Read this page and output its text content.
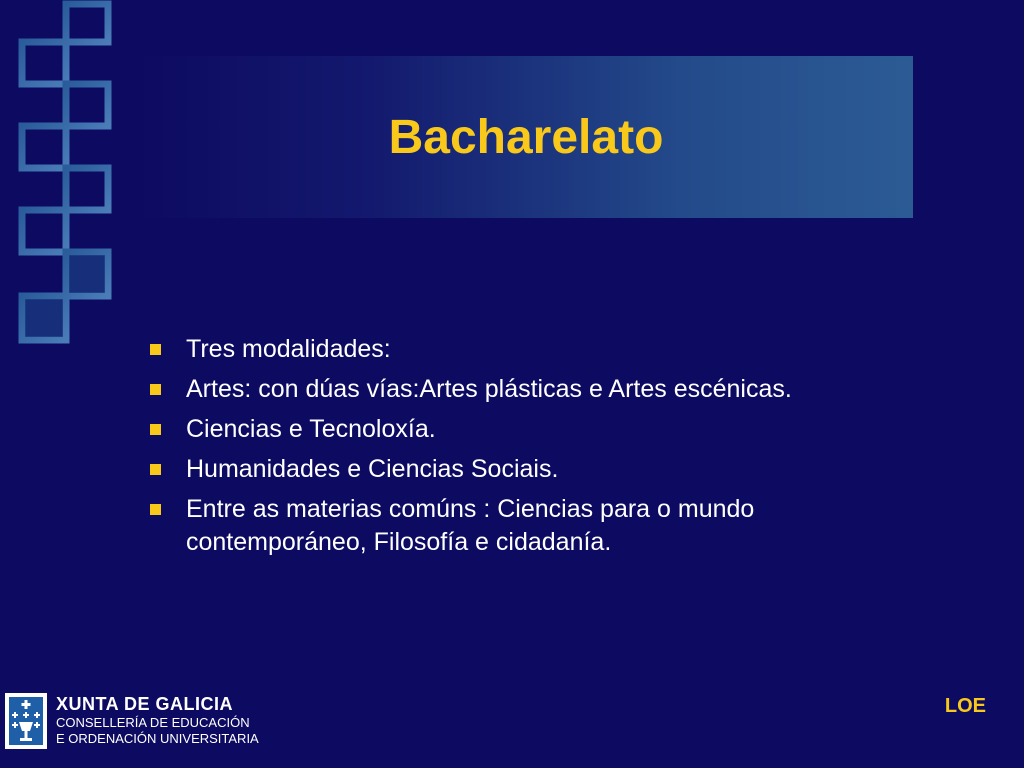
Bacharelato
Tres modalidades:
Artes: con dúas vías:Artes plásticas e Artes escénicas.
Ciencias e Tecnoloxía.
Humanidades e Ciencias Sociais.
Entre as materias comúns : Ciencias para o mundo contemporáneo, Filosofía e cidadanía.
XUNTA DE GALICIA
CONSELLERÍA DE EDUCACIÓN
E ORDENACIÓN UNIVERSITARIA
LOE
